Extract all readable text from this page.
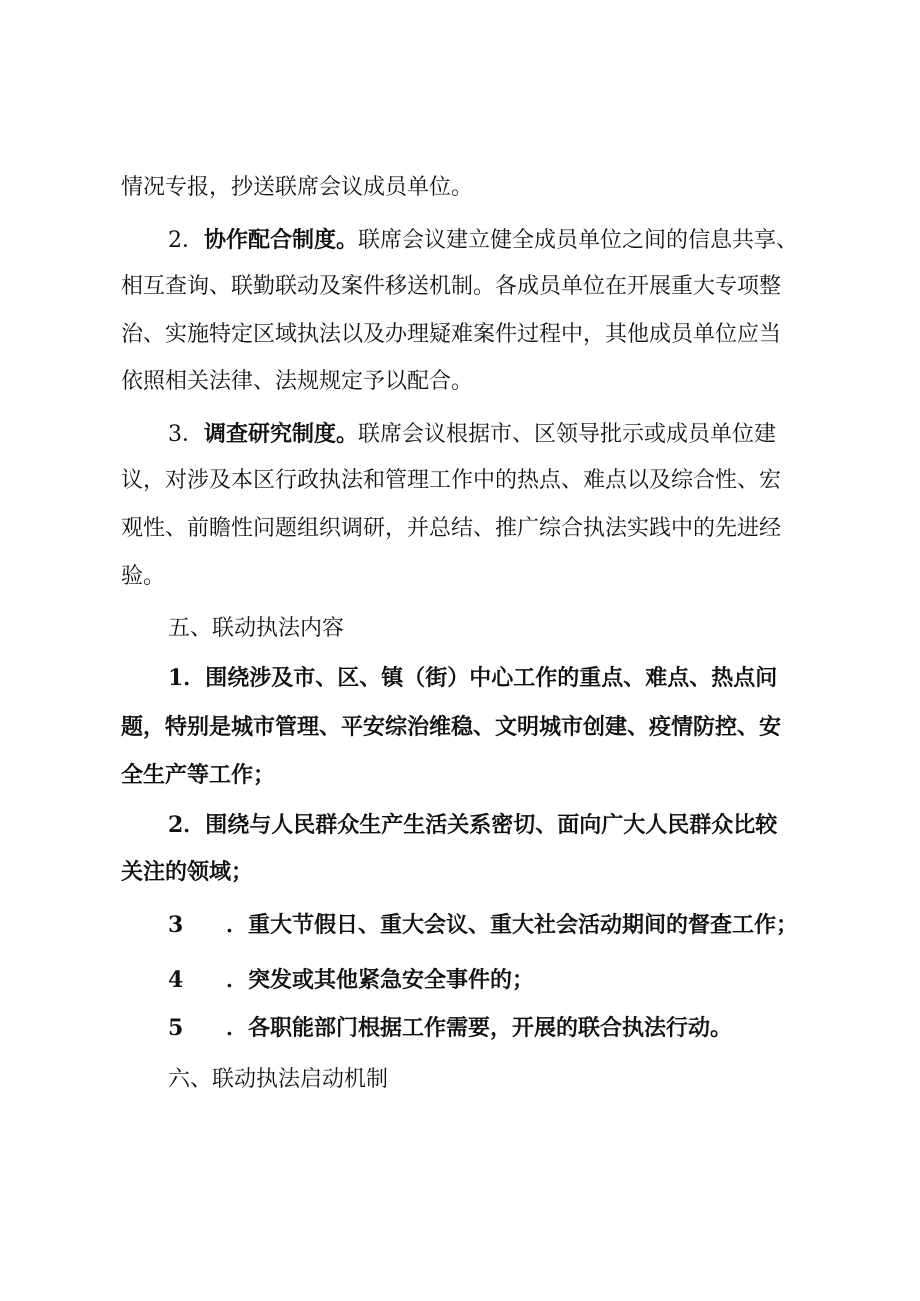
情况专报，抄送联席会议成员单位。

2．协作配合制度。联席会议建立健全成员单位之间的信息共享、

相互查询、联勤联动及案件移送机制。各成员单位在开展重大专项整

治、实施特定区域执法以及办理疑难案件过程中，其他成员单位应当

依照相关法律、法规规定予以配合。

3．调查研究制度。联席会议根据市、区领导批示或成员单位建

议，对涉及本区行政执法和管理工作中的热点、难点以及综合性、宏

观性、前瞻性问题组织调研，并总结、推广综合执法实践中的先进经

验。

五、联动执法内容

1．围绕涉及市、区、镇（街）中心工作的重点、难点、热点问

题，特别是城市管理、平安综治维稳、文明城市创建、疫情防控、安

全生产等工作；

2．围绕与人民群众生产生活关系密切、面向广大人民群众比较

关注的领域；

3 ．重大节假日、重大会议、重大社会活动期间的督查工作；

4 ．突发或其他紧急安全事件的；

5 ．各职能部门根据工作需要，开展的联合执法行动。

六、联动执法启动机制
